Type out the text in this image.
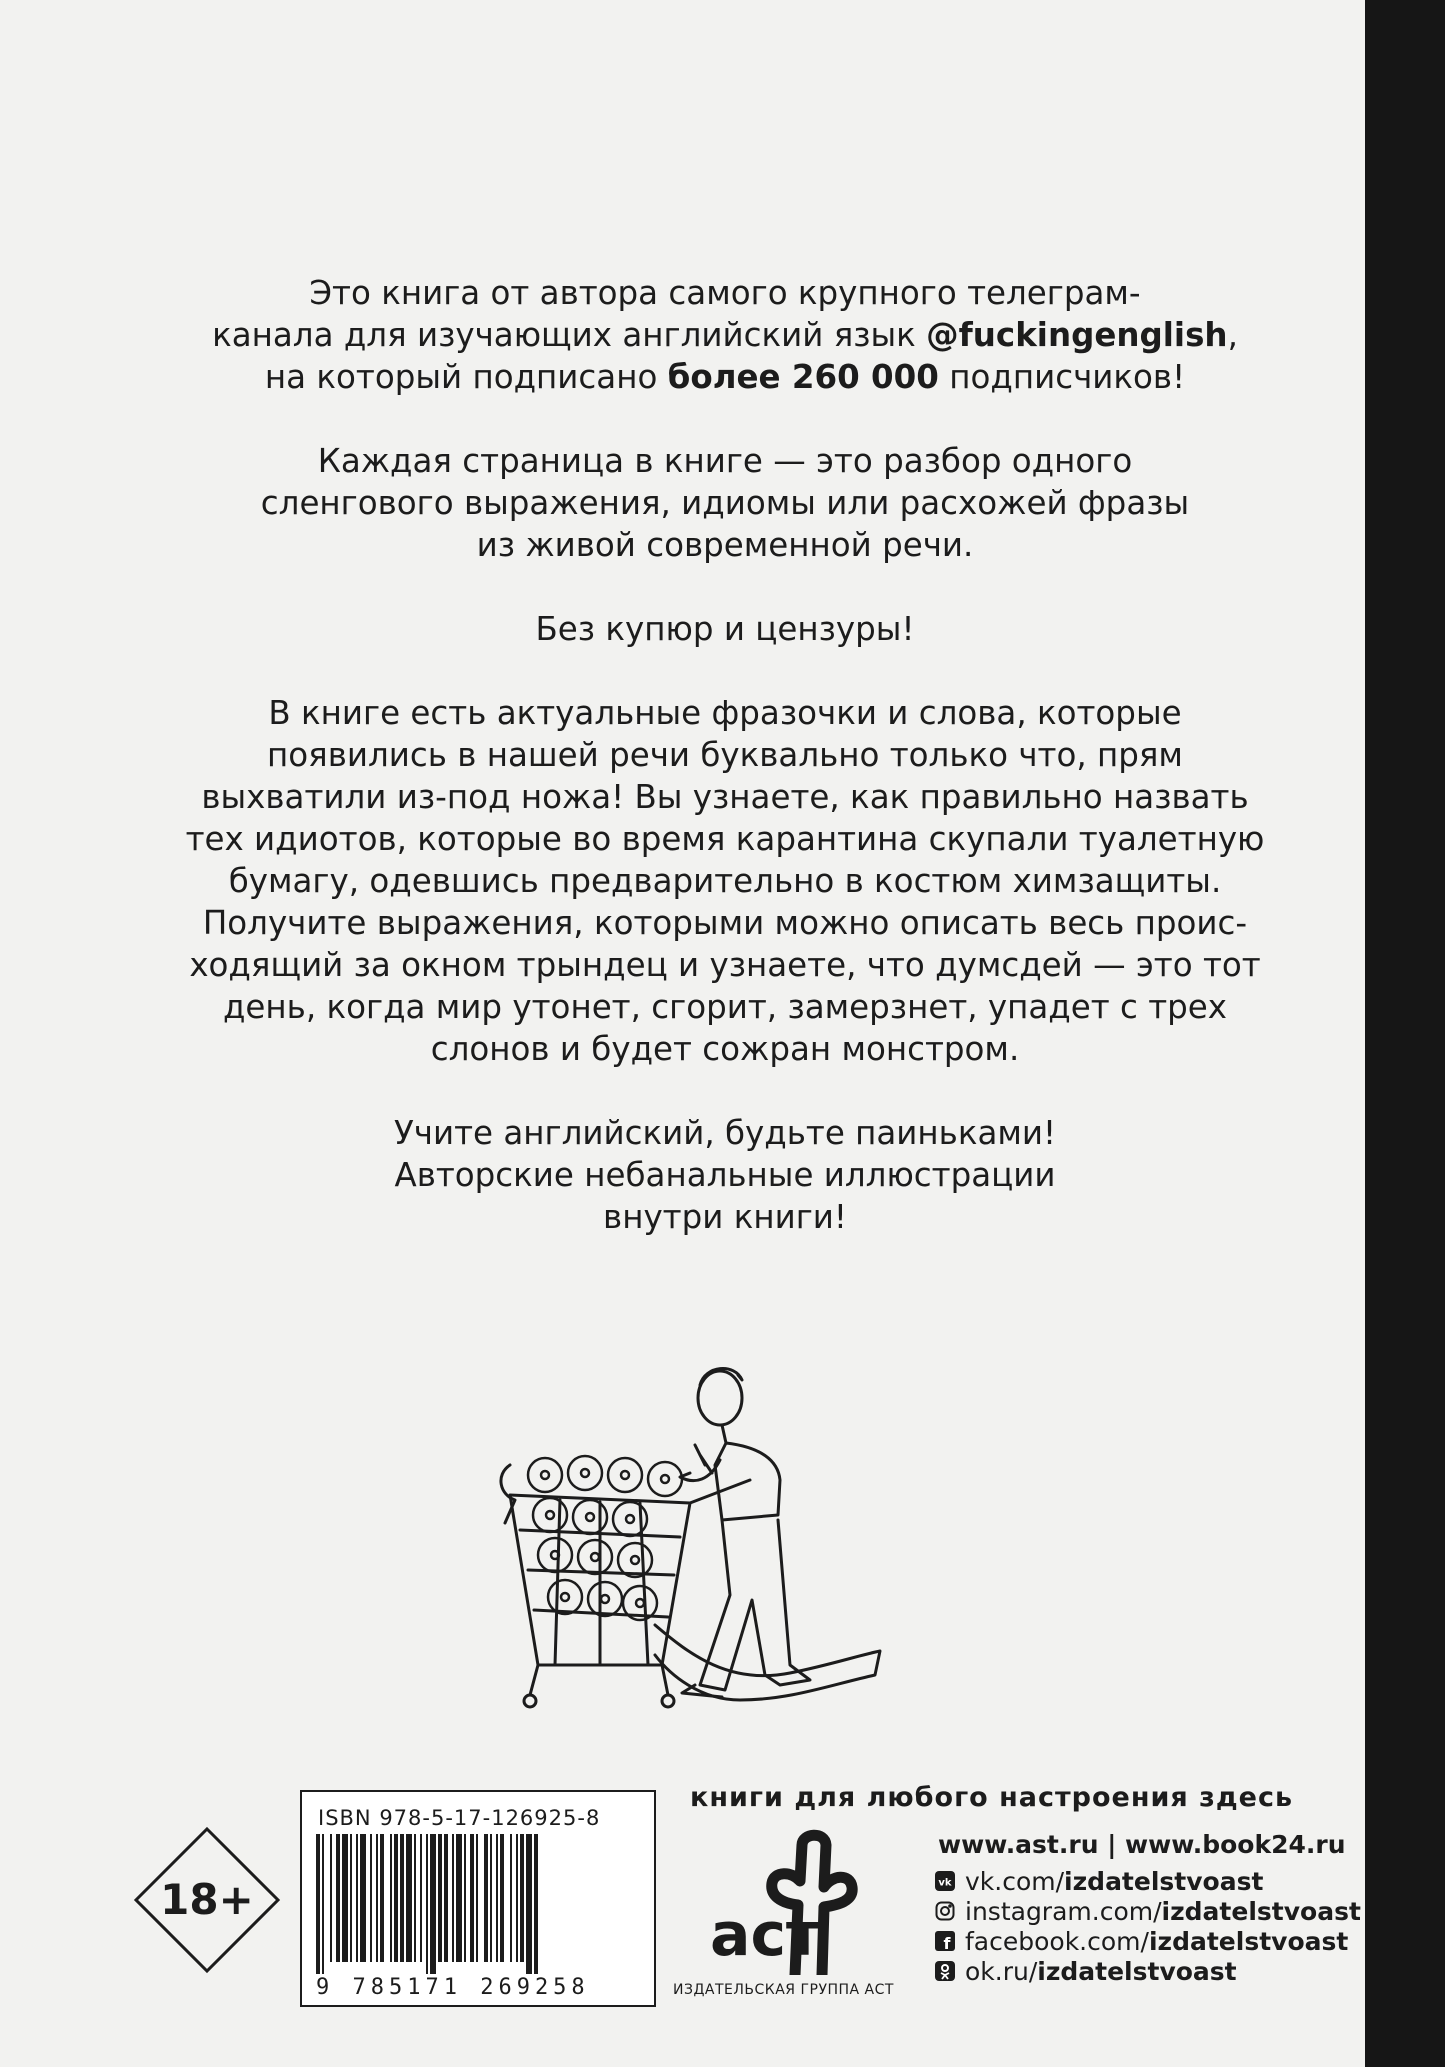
Это книга от автора самого крупного телеграм-
канала для изучающих английский язык @fuckingenglish,
на который подписано более 260 000 подписчиков!

Каждая страница в книге — это разбор одного
сленгового выражения, идиомы или расхожей фразы
из живой современной речи.

Без купюр и цензуры!

В книге есть актуальные фразочки и слова, которые
появились в нашей речи буквально только что, прям
выхватили из-под ножа! Вы узнаете, как правильно назвать
тех идиотов, которые во время карантина скупали туалетную
бумагу, одевшись предварительно в костюм химзащиты.
Получите выражения, которыми можно описать весь проис-
ходящий за окном трындец и узнаете, что думсдей — это тот
день, когда мир утонет, сгорит, замерзнет, упадет с трех
слонов и будет сожран монстром.

Учите английский, будьте паиньками!
Авторские небанальные иллюстрации
внутри книги!

18+
ISBN 978-5-17-126925-8
9 785171 269258
книги для любого настроения здесь
www.ast.ru | www.book24.ru
аст
ИЗДАТЕЛЬСКАЯ ГРУППА АСТ
vk vk.com/ izdatelstvoast
instagram.com/ izdatelstvoast
f facebook.com/ izdatelstvoast
ok.ru/ izdatelstvoast
